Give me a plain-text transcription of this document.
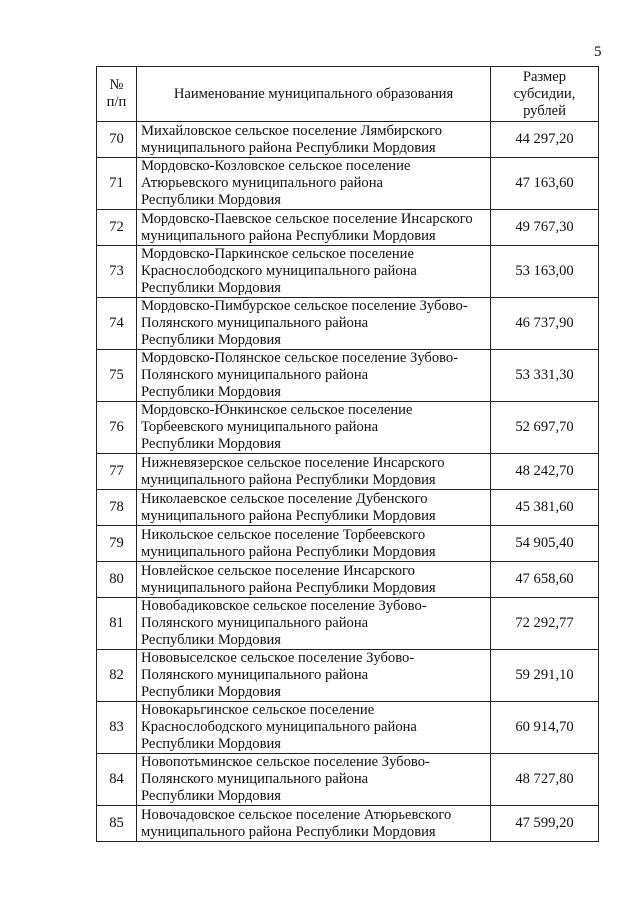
5
№
п/п	Наименование муниципального образования	Размер
субсидии,
рублей

70	Михайловское сельское поселение Лямбирского
муниципального района Республики Мордовия	44 297,20
71	Мордовско-Козловское сельское поселение
Атюрьевского муниципального района
Республики Мордовия	47 163,60
72	Мордовско-Паевское сельское поселение Инсарского
муниципального района Республики Мордовия	49 767,30
73	Мордовско-Паркинское сельское поселение
Краснослободского муниципального района
Республики Мордовия	53 163,00
74	Мордовско-Пимбурское сельское поселение Зубово-
Полянского муниципального района
Республики Мордовия	46 737,90
75	Мордовско-Полянское сельское поселение Зубово-
Полянского муниципального района
Республики Мордовия	53 331,30
76	Мордовско-Юнкинское сельское поселение
Торбеевского муниципального района
Республики Мордовия	52 697,70
77	Нижневязерское сельское поселение Инсарского
муниципального района Республики Мордовия	48 242,70
78	Николаевское сельское поселение Дубенского
муниципального района Республики Мордовия	45 381,60
79	Никольское сельское поселение Торбеевского
муниципального района Республики Мордовия	54 905,40
80	Новлейское сельское поселение Инсарского
муниципального района Республики Мордовия	47 658,60
81	Новобадиковское сельское поселение Зубово-
Полянского муниципального района
Республики Мордовия	72 292,77
82	Нововыселское сельское поселение Зубово-
Полянского муниципального района
Республики Мордовия	59 291,10
83	Новокарьгинское сельское поселение
Краснослободского муниципального района
Республики Мордовия	60 914,70
84	Новопотьминское сельское поселение Зубово-
Полянского муниципального района
Республики Мордовия	48 727,80
85	Новочадовское сельское поселение Атюрьевского
муниципального района Республики Мордовия	47 599,20
